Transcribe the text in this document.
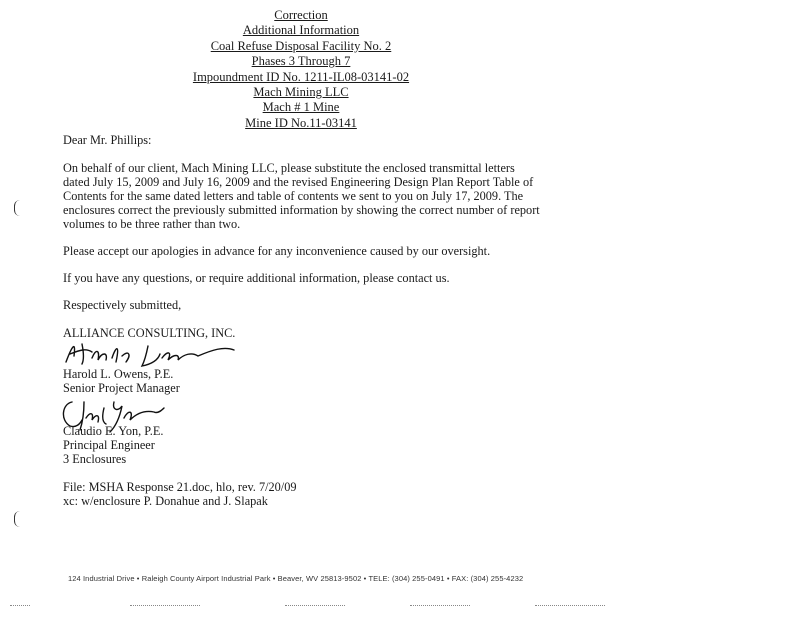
Correction
Additional Information
Coal Refuse Disposal Facility No. 2
Phases 3 Through 7
Impoundment ID No. 1211-IL08-03141-02
Mach Mining LLC
Mach # 1 Mine
Mine ID No.11-03141
Dear Mr. Phillips:
On behalf of our client, Mach Mining LLC, please substitute the enclosed transmittal letters
dated July 15, 2009 and July 16, 2009 and the revised Engineering Design Plan Report Table of
Contents for the same dated letters and table of contents we sent to you on July 17, 2009. The
enclosures correct the previously submitted information by showing the correct number of report
volumes to be three rather than two.
Please accept our apologies in advance for any inconvenience caused by our oversight.
If you have any questions, or require additional information, please contact us.
Respectively submitted,
ALLIANCE CONSULTING, INC.
Harold L. Owens, P.E.
Senior Project Manager
Claudio E. Yon, P.E.
Principal Engineer
3 Enclosures
File: MSHA Response 21.doc, hlo, rev. 7/20/09
xc: w/enclosure P. Donahue and J. Slapak
124 Industrial Drive • Raleigh County Airport Industrial Park • Beaver, WV 25813-9502 • TELE: (304) 255-0491 • FAX: (304) 255-4232
